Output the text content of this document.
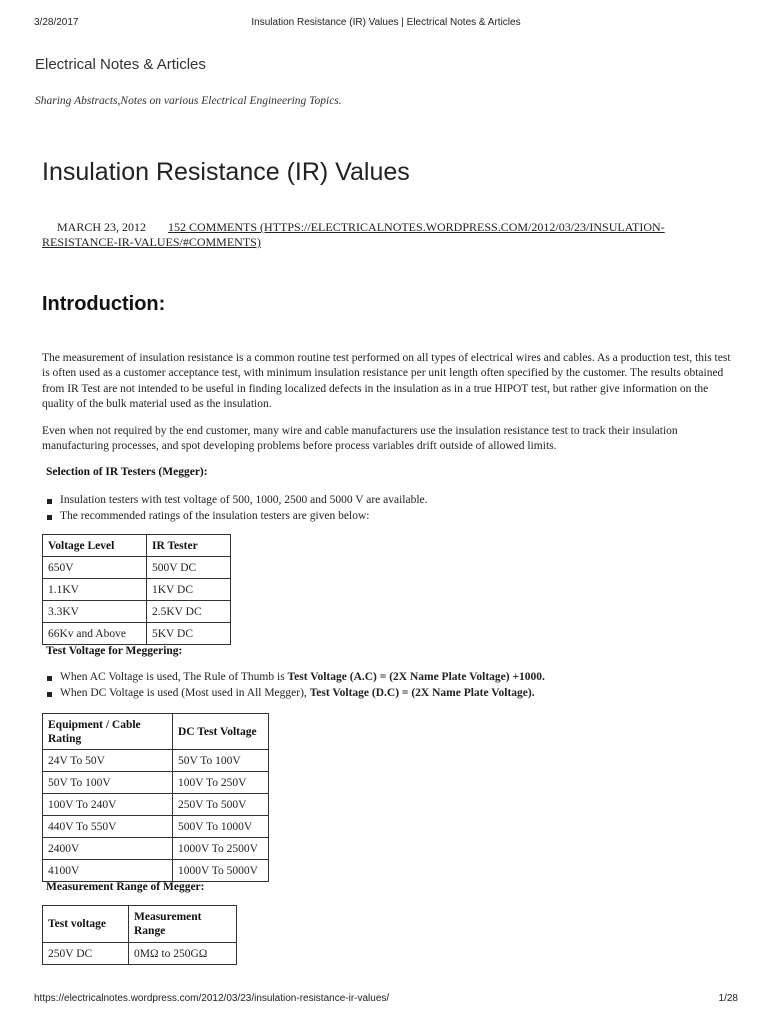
3/28/2017	Insulation Resistance (IR) Values | Electrical Notes & Articles
Electrical Notes & Articles
Sharing Abstracts,Notes on various Electrical Engineering Topics.
Insulation Resistance (IR) Values
MARCH 23, 2012 152 COMMENTS (HTTPS://ELECTRICALNOTES.WORDPRESS.COM/2012/03/23/INSULATION-RESISTANCE-IR-VALUES/#COMMENTS)
Introduction:

The measurement of insulation resistance is a common routine test performed on all types of electrical wires and cables. As a production test, this test is often used as a customer acceptance test, with minimum insulation resistance per unit length often specified by the customer. The results obtained from IR Test are not intended to be useful in finding localized defects in the insulation as in a true HIPOT test, but rather give information on the quality of the bulk material used as the insulation.

Even when not required by the end customer, many wire and cable manufacturers use the insulation resistance test to track their insulation manufacturing processes, and spot developing problems before process variables drift outside of allowed limits.

Selection of IR Testers (Megger):

Insulation testers with test voltage of 500, 1000, 2500 and 5000 V are available.
The recommended ratings of the insulation testers are given below:
Voltage Level	IR Tester
650V	500V DC
1.1KV	1KV DC
3.3KV	2.5KV DC
66Kv and Above	5KV DC

Test Voltage for Meggering:

When AC Voltage is used, The Rule of Thumb is Test Voltage (A.C) = (2X Name Plate Voltage) +1000.
When DC Voltage is used (Most used in All Megger), Test Voltage (D.C) = (2X Name Plate Voltage).
Equipment / Cable Rating	DC Test Voltage
24V To 50V	50V To 100V
50V To 100V	100V To 250V
100V To 240V	250V To 500V
440V To 550V	500V To 1000V
2400V	1000V To 2500V
4100V	1000V To 5000V

Measurement Range of Megger:

Test voltage	Measurement Range
250V DC	0MΩ to 250GΩ
https://electricalnotes.wordpress.com/2012/03/23/insulation-resistance-ir-values/	1/28
